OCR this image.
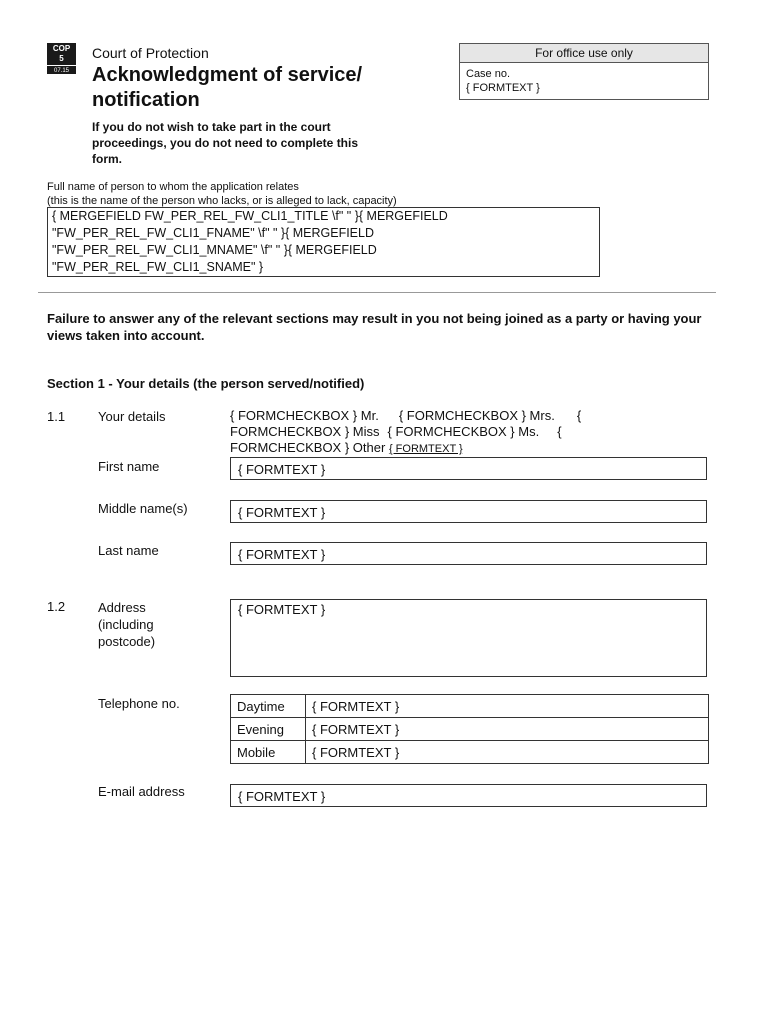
COP
5
07.15
Court of Protection
Acknowledgment of service/ notification
If you do not wish to take part in the court proceedings, you do not need to complete this form.
For office use only
Case no.
{ FORMTEXT }
Full name of person to whom the application relates
(this is the name of the person who lacks, or is alleged to lack, capacity)
{ MERGEFIELD FW_PER_REL_FW_CLI1_TITLE \f" " }{ MERGEFIELD
"FW_PER_REL_FW_CLI1_FNAME" \f" " }{ MERGEFIELD
"FW_PER_REL_FW_CLI1_MNAME" \f" " }{ MERGEFIELD
"FW_PER_REL_FW_CLI1_SNAME" }
Failure to answer any of the relevant sections may result in you not being joined as a party or having your views taken into account.
Section 1 - Your details (the person served/notified)
1.1	Your details	{ FORMCHECKBOX } Mr. { FORMCHECKBOX } Mrs. {
FORMCHECKBOX } Miss { FORMCHECKBOX } Ms. {
FORMCHECKBOX } Other { FORMTEXT }
First name	{ FORMTEXT }
Middle name(s)	{ FORMTEXT }
Last name	{ FORMTEXT }
1.2	Address
(including
postcode)
{ FORMTEXT }
Telephone no.	Daytime	{ FORMTEXT }
Evening	{ FORMTEXT }
Mobile	{ FORMTEXT }
E-mail address	{ FORMTEXT }
